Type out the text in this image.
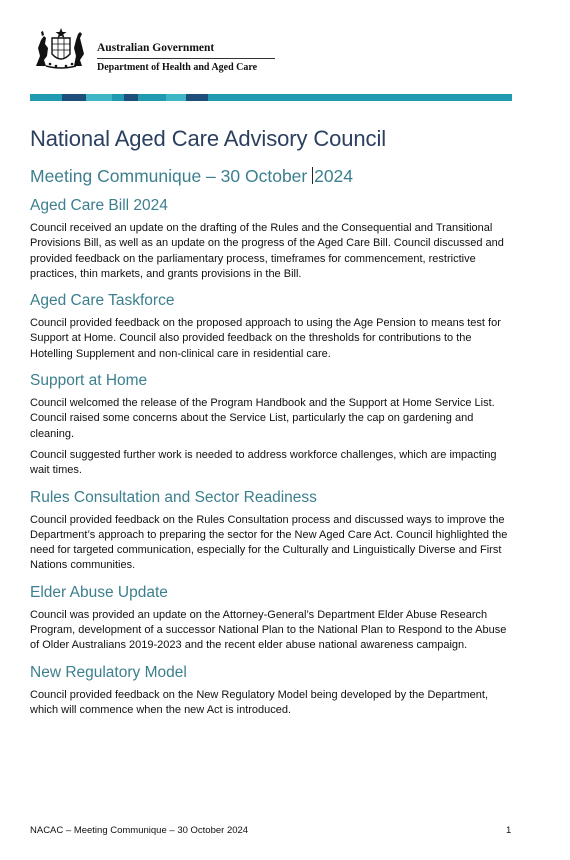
Australian Government
Department of Health and Aged Care
National Aged Care Advisory Council
Meeting Communique – 30 October 2024
Aged Care Bill 2024

Council received an update on the drafting of the Rules and the Consequential and Transitional Provisions Bill, as well as an update on the progress of the Aged Care Bill. Council discussed and provided feedback on the parliamentary process, timeframes for commencement, restrictive practices, thin markets, and grants provisions in the Bill.

Aged Care Taskforce

Council provided feedback on the proposed approach to using the Age Pension to means test for Support at Home. Council also provided feedback on the thresholds for contributions to the Hotelling Supplement and non-clinical care in residential care.

Support at Home

Council welcomed the release of the Program Handbook and the Support at Home Service List. Council raised some concerns about the Service List, particularly the cap on gardening and cleaning.

Council suggested further work is needed to address workforce challenges, which are impacting wait times.

Rules Consultation and Sector Readiness

Council provided feedback on the Rules Consultation process and discussed ways to improve the Department’s approach to preparing the sector for the New Aged Care Act. Council highlighted the need for targeted communication, especially for the Culturally and Linguistically Diverse and First Nations communities.

Elder Abuse Update

Council was provided an update on the Attorney-General’s Department Elder Abuse Research Program, development of a successor National Plan to the National Plan to Respond to the Abuse of Older Australians 2019-2023 and the recent elder abuse national awareness campaign.

New Regulatory Model

Council provided feedback on the New Regulatory Model being developed by the Department, which will commence when the new Act is introduced.

NACAC – Meeting Communique – 30 October 2024	1
